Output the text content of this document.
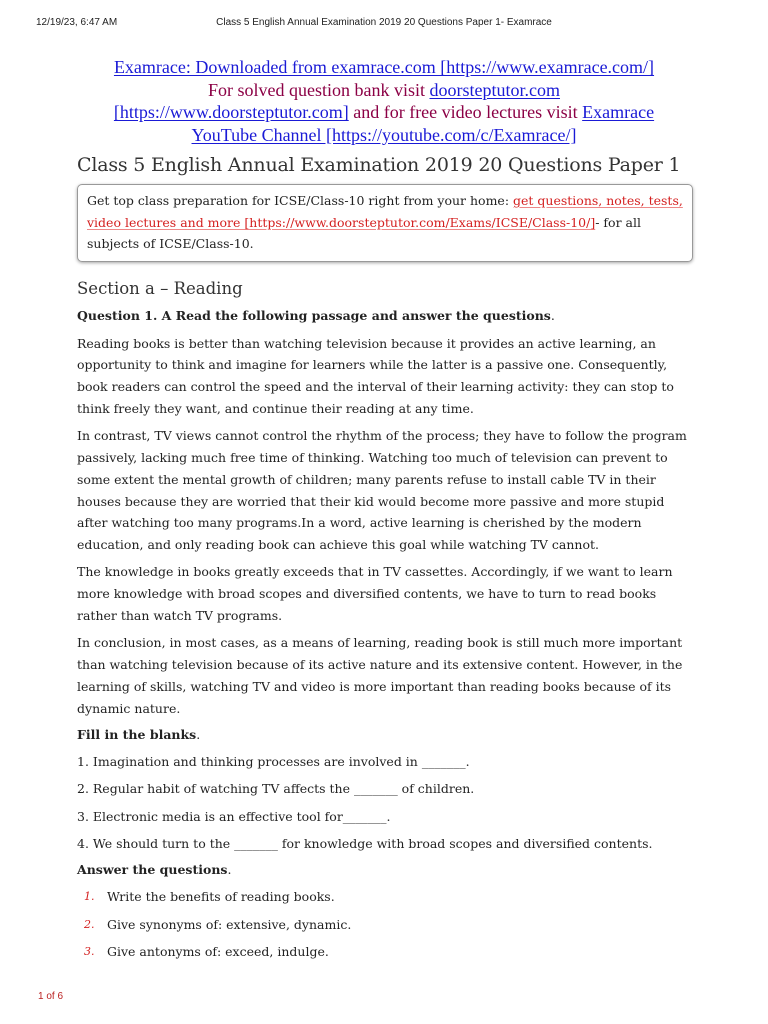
12/19/23, 6:47 AM	Class 5 English Annual Examination 2019 20 Questions Paper 1- Examrace
Examrace: Downloaded from examrace.com [https://www.examrace.com/]
For solved question bank visit doorsteptutor.com
[https://www.doorsteptutor.com] and for free video lectures visit Examrace
YouTube Channel [https://youtube.com/c/Examrace/]
Class 5 English Annual Examination 2019 20 Questions Paper 1
Get top class preparation for ICSE/Class-10 right from your home: get questions, notes, tests, video lectures and more [https://www.doorsteptutor.com/Exams/ICSE/Class-10/]- for all subjects of ICSE/Class-10.
Section a – Reading
Question 1. A Read the following passage and answer the questions.

Reading books is better than watching television because it provides an active learning, an opportunity to think and imagine for learners while the latter is a passive one. Consequently, book readers can control the speed and the interval of their learning activity: they can stop to think freely they want, and continue their reading at any time.

In contrast, TV views cannot control the rhythm of the process; they have to follow the program passively, lacking much free time of thinking. Watching too much of television can prevent to some extent the mental growth of children; many parents refuse to install cable TV in their houses because they are worried that their kid would become more passive and more stupid after watching too many programs.In a word, active learning is cherished by the modern education, and only reading book can achieve this goal while watching TV cannot.

The knowledge in books greatly exceeds that in TV cassettes. Accordingly, if we want to learn more knowledge with broad scopes and diversified contents, we have to turn to read books rather than watch TV programs.

In conclusion, in most cases, as a means of learning, reading book is still much more important than watching television because of its active nature and its extensive content. However, in the learning of skills, watching TV and video is more important than reading books because of its dynamic nature.

Fill in the blanks.
1. Imagination and thinking processes are involved in _______.
2. Regular habit of watching TV affects the _______ of children.
3. Electronic media is an effective tool for_______.
4. We should turn to the _______ for knowledge with broad scopes and diversified contents.
Answer the questions.
1. Write the benefits of reading books.
2. Give synonyms of: extensive, dynamic.
3. Give antonyms of: exceed, indulge.
1 of 6
